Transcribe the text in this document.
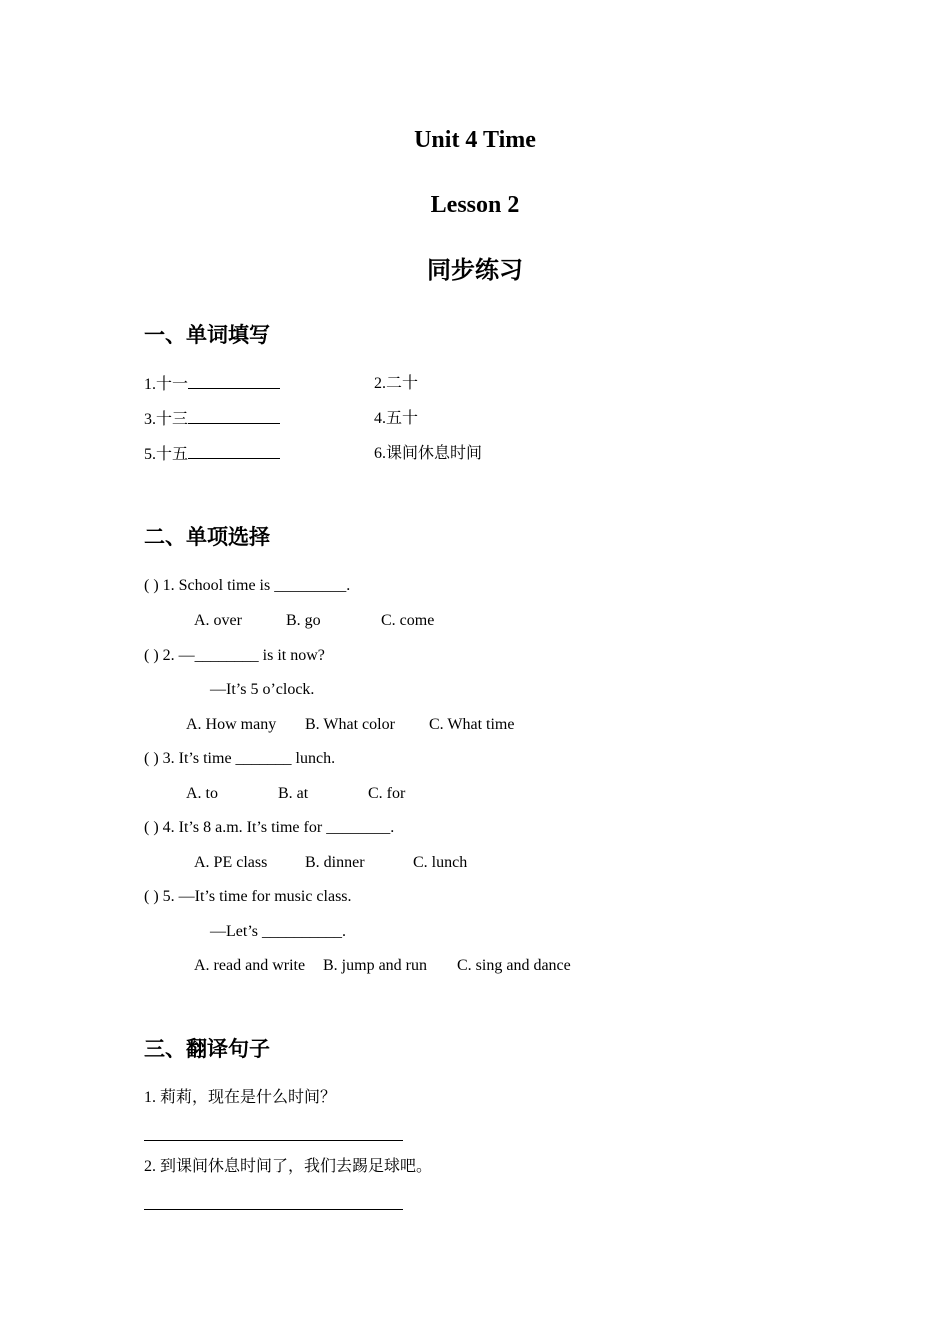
Unit 4 Time
Lesson 2
同步练习
一、单词填写
1.十一	2.二十
3.十三	4.五十
5.十五	6.课间休息时间
二、单项选择
( ) 1. School time is _________.
A. over	B. go	C. come
( ) 2. —________ is it now?
—It’s 5 o’clock.
A. How many B. What color C. What time
( ) 3. It’s time _______ lunch.
A. to	B. at	C. for
( ) 4. It’s 8 a.m. It’s time for ________.
A. PE class B. dinner	C. lunch
( ) 5. —It’s time for music class.
—Let’s __________.
A. read and write B. jump and run C. sing and dance
三、翻译句子
1. 莉莉，现在是什么时间？
2. 到课间休息时间了，我们去踢足球吧。
